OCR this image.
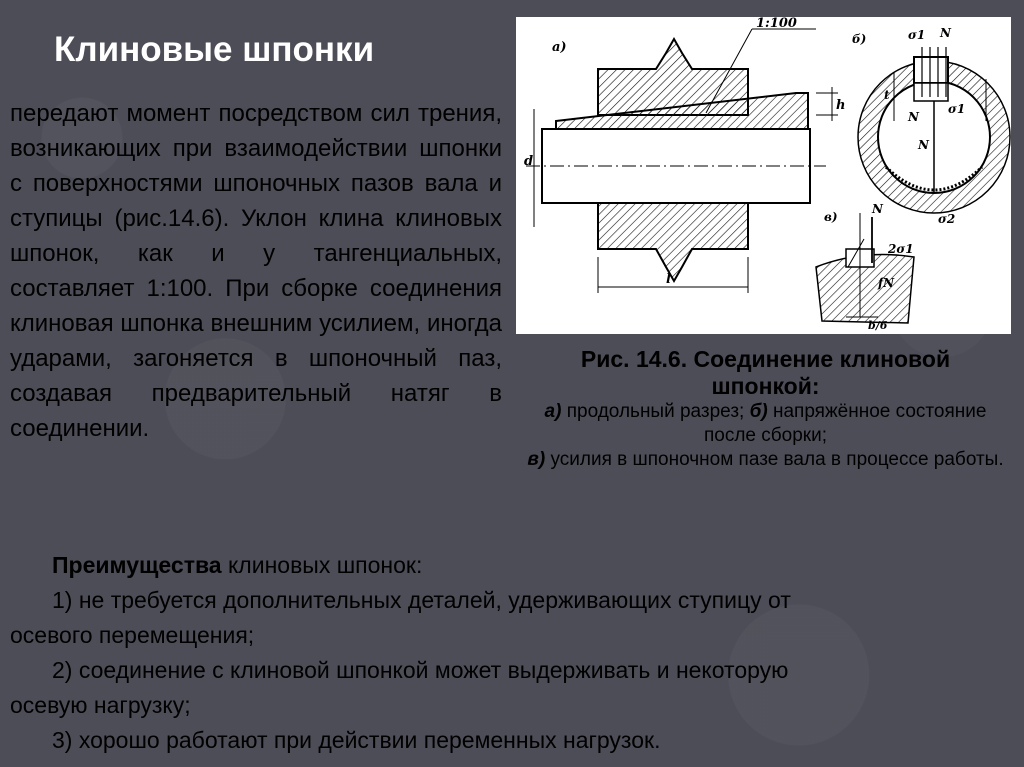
Клиновые шпонки

передают момент посредством сил трения, возникающих при взаимодействии шпонки с поверхностями шпоночных пазов вала и ступицы (рис.14.6). Уклон клина клиновых шпонок, как и у тангенциальных, составляет 1:100. При сборке соединения клиновая шпонка внешним усилием, иногда ударами, загоняется в шпоночный паз, создавая предварительный натяг в соединении.

а)
1:100
d
l
h
б)	σ1 N
t
σ1
N
N
σ2
в)
N
2σ1
fN
b/6
Рис. 14.6. Соединение клиновой
шпонкой:
а) продольный разрез; б) напряжённое состояние после сборки;
в) усилия в шпоночном пазе вала в процессе работы.
Преимущества клиновых шпонок:
1) не требуется дополнительных деталей, удерживающих ступицу от
осевого перемещения;
2) соединение с клиновой шпонкой может выдерживать и некоторую
осевую нагрузку;
3) хорошо работают при действии переменных нагрузок.
